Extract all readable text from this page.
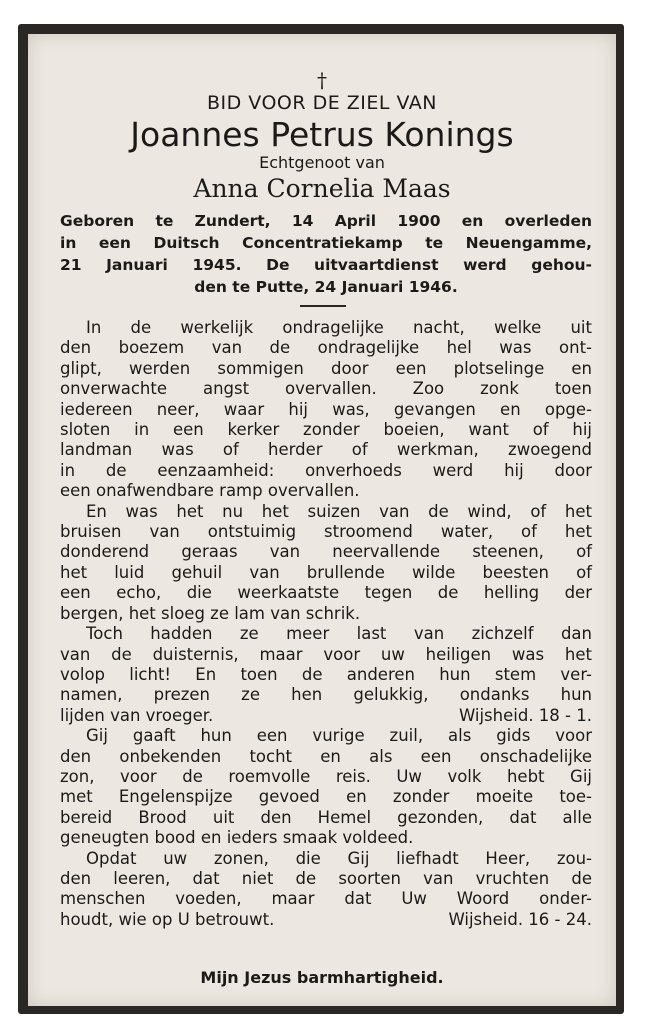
†
BID VOOR DE ZIEL VAN
Joannes Petrus Konings
Echtgenoot van
Anna Cornelia Maas
Geboren te Zundert, 14 April 1900 en overleden
in een Duitsch Concentratiekamp te Neuengamme,
21 Januari 1945. De uitvaartdienst werd gehou-
den te Putte, 24 Januari 1946.
In de werkelijk ondragelijke nacht, welke uit
den boezem van de ondragelijke hel was ont-
glipt, werden sommigen door een plotselinge en
onverwachte angst overvallen. Zoo zonk toen
iedereen neer, waar hij was, gevangen en opge-
sloten in een kerker zonder boeien, want of hij
landman was of herder of werkman, zwoegend
in de eenzaamheid: onverhoeds werd hij door
een onafwendbare ramp overvallen.
En was het nu het suizen van de wind, of het
bruisen van ontstuimig stroomend water, of het
donderend geraas van neervallende steenen, of
het luid gehuil van brullende wilde beesten of
een echo, die weerkaatste tegen de helling der
bergen, het sloeg ze lam van schrik.
Toch hadden ze meer last van zichzelf dan
van de duisternis, maar voor uw heiligen was het
volop licht! En toen de anderen hun stem ver-
namen, prezen ze hen gelukkig, ondanks hun
lijden van vroeger.	Wijsheid. 18 - 1.
Gij gaaft hun een vurige zuil, als gids voor
den onbekenden tocht en als een onschadelijke
zon, voor de roemvolle reis. Uw volk hebt Gij
met Engelenspijze gevoed en zonder moeite toe-
bereid Brood uit den Hemel gezonden, dat alle
geneugten bood en ieders smaak voldeed.
Opdat uw zonen, die Gij liefhadt Heer, zou-
den leeren, dat niet de soorten van vruchten de
menschen voeden, maar dat Uw Woord onder-
houdt, wie op U betrouwt.	Wijsheid. 16 - 24.
Mijn Jezus barmhartigheid.
